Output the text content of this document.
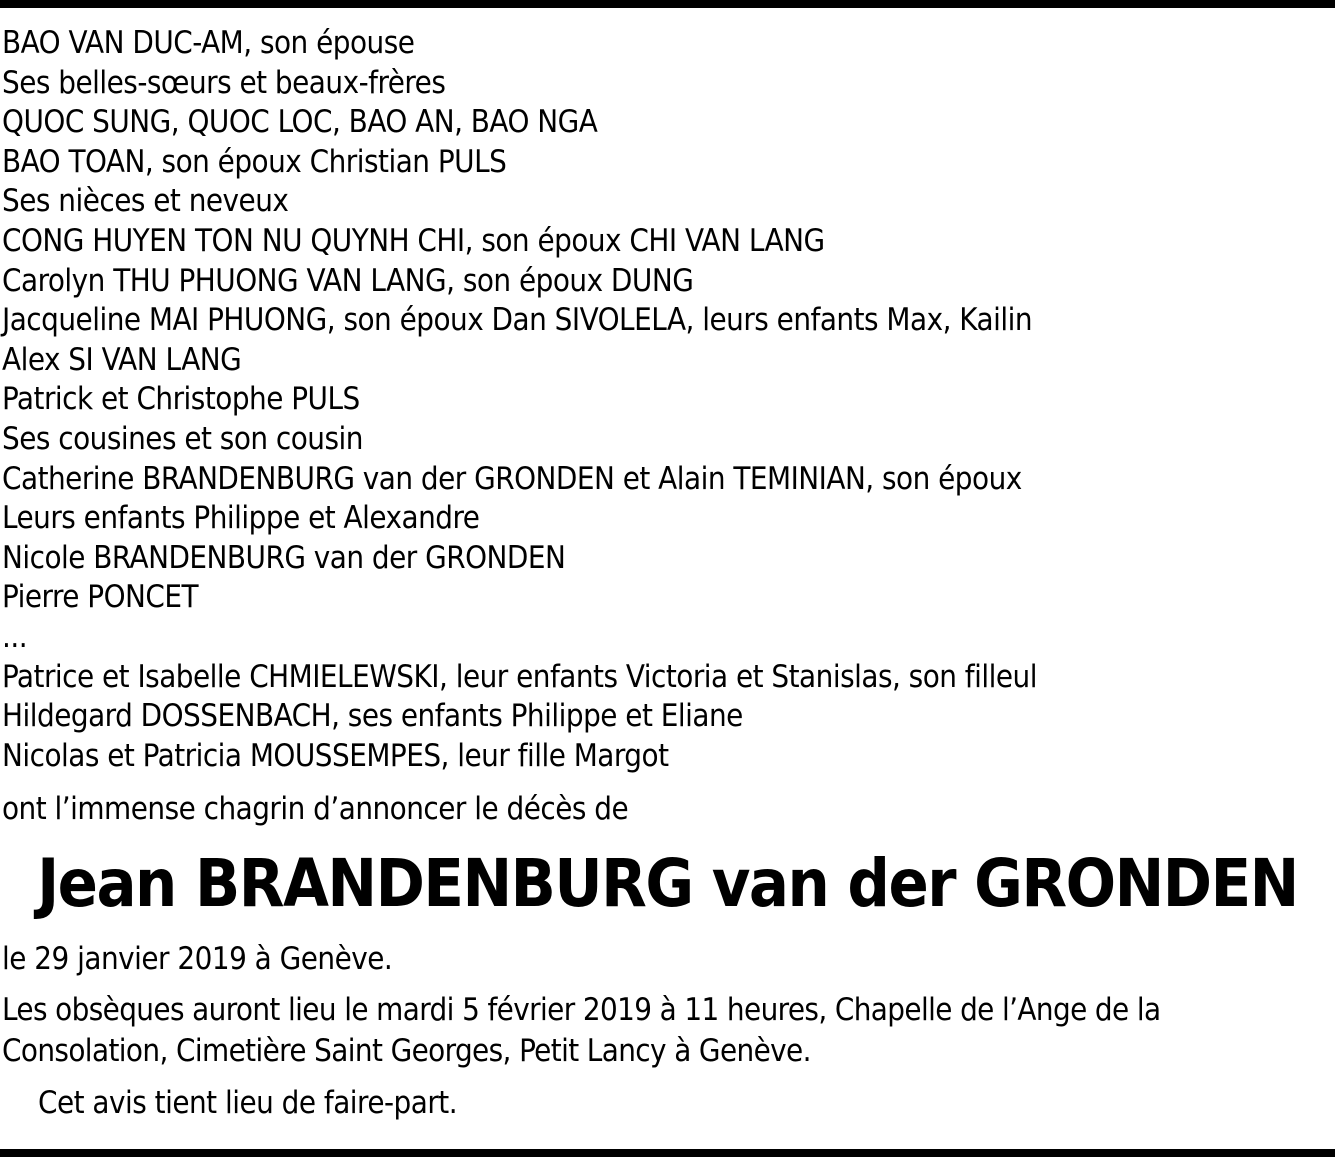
BAO VAN DUC-AM, son épouse
Ses belles-sœurs et beaux-frères
QUOC SUNG, QUOC LOC, BAO AN, BAO NGA
BAO TOAN, son époux Christian PULS
Ses nièces et neveux
CONG HUYEN TON NU QUYNH CHI, son époux CHI VAN LANG
Carolyn THU PHUONG VAN LANG, son époux DUNG
Jacqueline MAI PHUONG, son époux Dan SIVOLELA, leurs enfants Max, Kailin
Alex SI VAN LANG
Patrick et Christophe PULS
Ses cousines et son cousin
Catherine BRANDENBURG van der GRONDEN et Alain TEMINIAN, son époux
Leurs enfants Philippe et Alexandre
Nicole BRANDENBURG van der GRONDEN
Pierre PONCET
...
Patrice et Isabelle CHMIELEWSKI, leur enfants Victoria et Stanislas, son filleul
Hildegard DOSSENBACH, ses enfants Philippe et Eliane
Nicolas et Patricia MOUSSEMPES, leur fille Margot
ont l’immense chagrin d’annoncer le décès de
Jean BRANDENBURG van der GRONDEN
le 29 janvier 2019 à Genève.
Les obsèques auront lieu le mardi 5 février 2019 à 11 heures, Chapelle de l’Ange de la
Consolation, Cimetière Saint Georges, Petit Lancy à Genève.
Cet avis tient lieu de faire-part.
